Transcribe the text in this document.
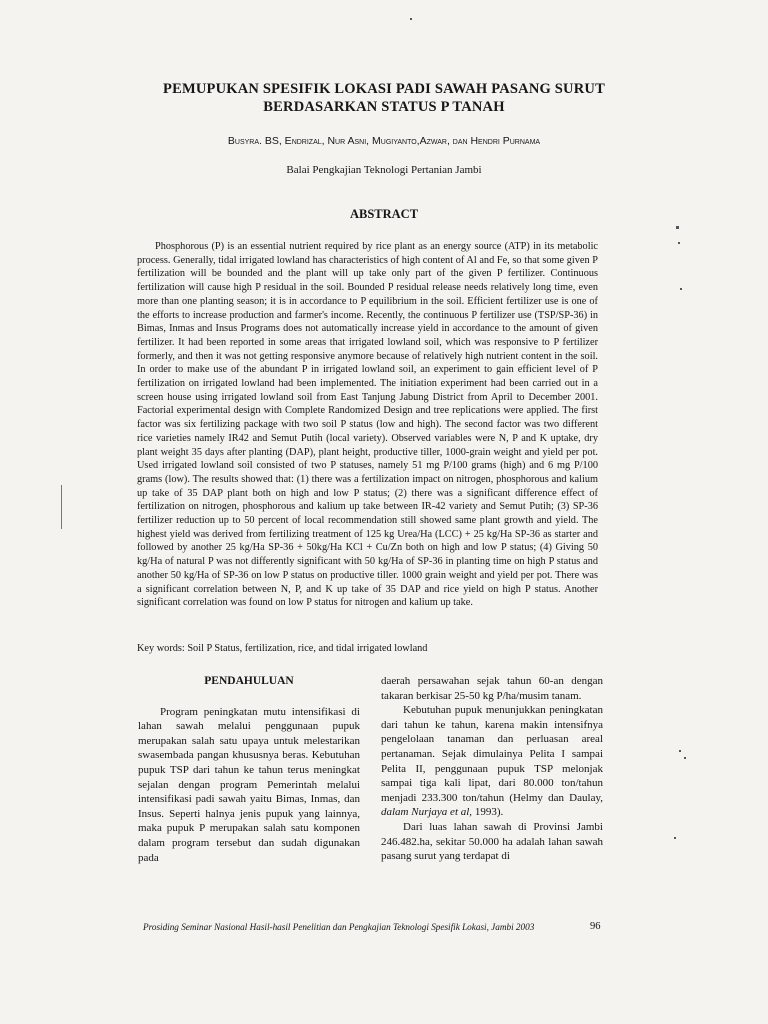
PEMUPUKAN SPESIFIK LOKASI PADI SAWAH PASANG SURUT
BERDASARKAN STATUS P TANAH
Busyra. BS, Endrizal, Nur Asni, Mugiyanto,Azwar, dan Hendri Purnama
Balai Pengkajian Teknologi Pertanian Jambi
ABSTRACT
Phosphorous (P) is an essential nutrient required by rice plant as an energy source (ATP) in its metabolic process. Generally, tidal irrigated lowland has characteristics of high content of Al and Fe, so that some given P fertilization will be bounded and the plant will up take only part of the given P fertilizer. Continuous fertilization will cause high P residual in the soil. Bounded P residual release needs relatively long time, even more than one planting season; it is in accordance to P equilibrium in the soil. Efficient fertilizer use is one of the efforts to increase production and farmer's income. Recently, the continuous P fertilizer use (TSP/SP-36) in Bimas, Inmas and Insus Programs does not automatically increase yield in accordance to the amount of given fertilizer. It had been reported in some areas that irrigated lowland soil, which was responsive to P fertilizer formerly, and then it was not getting responsive anymore because of relatively high nutrient content in the soil. In order to make use of the abundant P in irrigated lowland soil, an experiment to gain efficient level of P fertilization on irrigated lowland had been implemented. The initiation experiment had been carried out in a screen house using irrigated lowland soil from East Tanjung Jabung District from April to December 2001. Factorial experimental design with Complete Randomized Design and tree replications were applied. The first factor was six fertilizing package with two soil P status (low and high). The second factor was two different rice varieties namely IR42 and Semut Putih (local variety). Observed variables were N, P and K uptake, dry plant weight 35 days after planting (DAP), plant height, productive tiller, 1000-grain weight and yield per pot. Used irrigated lowland soil consisted of two P statuses, namely 51 mg P/100 grams (high) and 6 mg P/100 grams (low). The results showed that: (1) there was a fertilization impact on nitrogen, phosphorous and kalium up take of 35 DAP plant both on high and low P status; (2) there was a significant difference effect of fertilization on nitrogen, phosphorous and kalium up take between IR-42 variety and Semut Putih; (3) SP-36 fertilizer reduction up to 50 percent of local recommendation still showed same plant growth and yield. The highest yield was derived from fertilizing treatment of 125 kg Urea/Ha (LCC) + 25 kg/Ha SP-36 as starter and followed by another 25 kg/Ha SP-36 + 50kg/Ha KCl + Cu/Zn both on high and low P status; (4) Giving 50 kg/Ha of natural P was not differently significant with 50 kg/Ha of SP-36 in planting time on high P status and another 50 kg/Ha of SP-36 on low P status on productive tiller. 1000 grain weight and yield per pot. There was a significant correlation between N, P, and K up take of 35 DAP and rice yield on high P status. Another significant correlation was found on low P status for nitrogen and kalium up take.
Key words: Soil P Status, fertilization, rice, and tidal irrigated lowland
PENDAHULUAN

Program peningkatan mutu intensifikasi di lahan sawah melalui penggunaan pupuk merupakan salah satu upaya untuk melestarikan swasembada pangan khususnya beras. Kebutuhan pupuk TSP dari tahun ke tahun terus meningkat sejalan dengan program Pemerintah melalui intensifikasi padi sawah yaitu Bimas, Inmas, dan Insus. Seperti halnya jenis pupuk yang lainnya, maka pupuk P merupakan salah satu komponen dalam program tersebut dan sudah digunakan pada

daerah persawahan sejak tahun 60-an dengan takaran berkisar 25-50 kg P/ha/musim tanam.

Kebutuhan pupuk menunjukkan peningkatan dari tahun ke tahun, karena makin intensifnya pengelolaan tanaman dan perluasan areal pertanaman. Sejak dimulainya Pelita I sampai Pelita II, penggunaan pupuk TSP melonjak sampai tiga kali lipat, dari 80.000 ton/tahun menjadi 233.300 ton/tahun (Helmy dan Daulay, dalam Nurjaya et al, 1993).

Dari luas lahan sawah di Provinsi Jambi 246.482.ha, sekitar 50.000 ha adalah lahan sawah pasang surut yang terdapat di

Prosiding Seminar Nasional Hasil-hasil Penelitian dan Pengkajian Teknologi Spesifik Lokasi, Jambi 2003	96
